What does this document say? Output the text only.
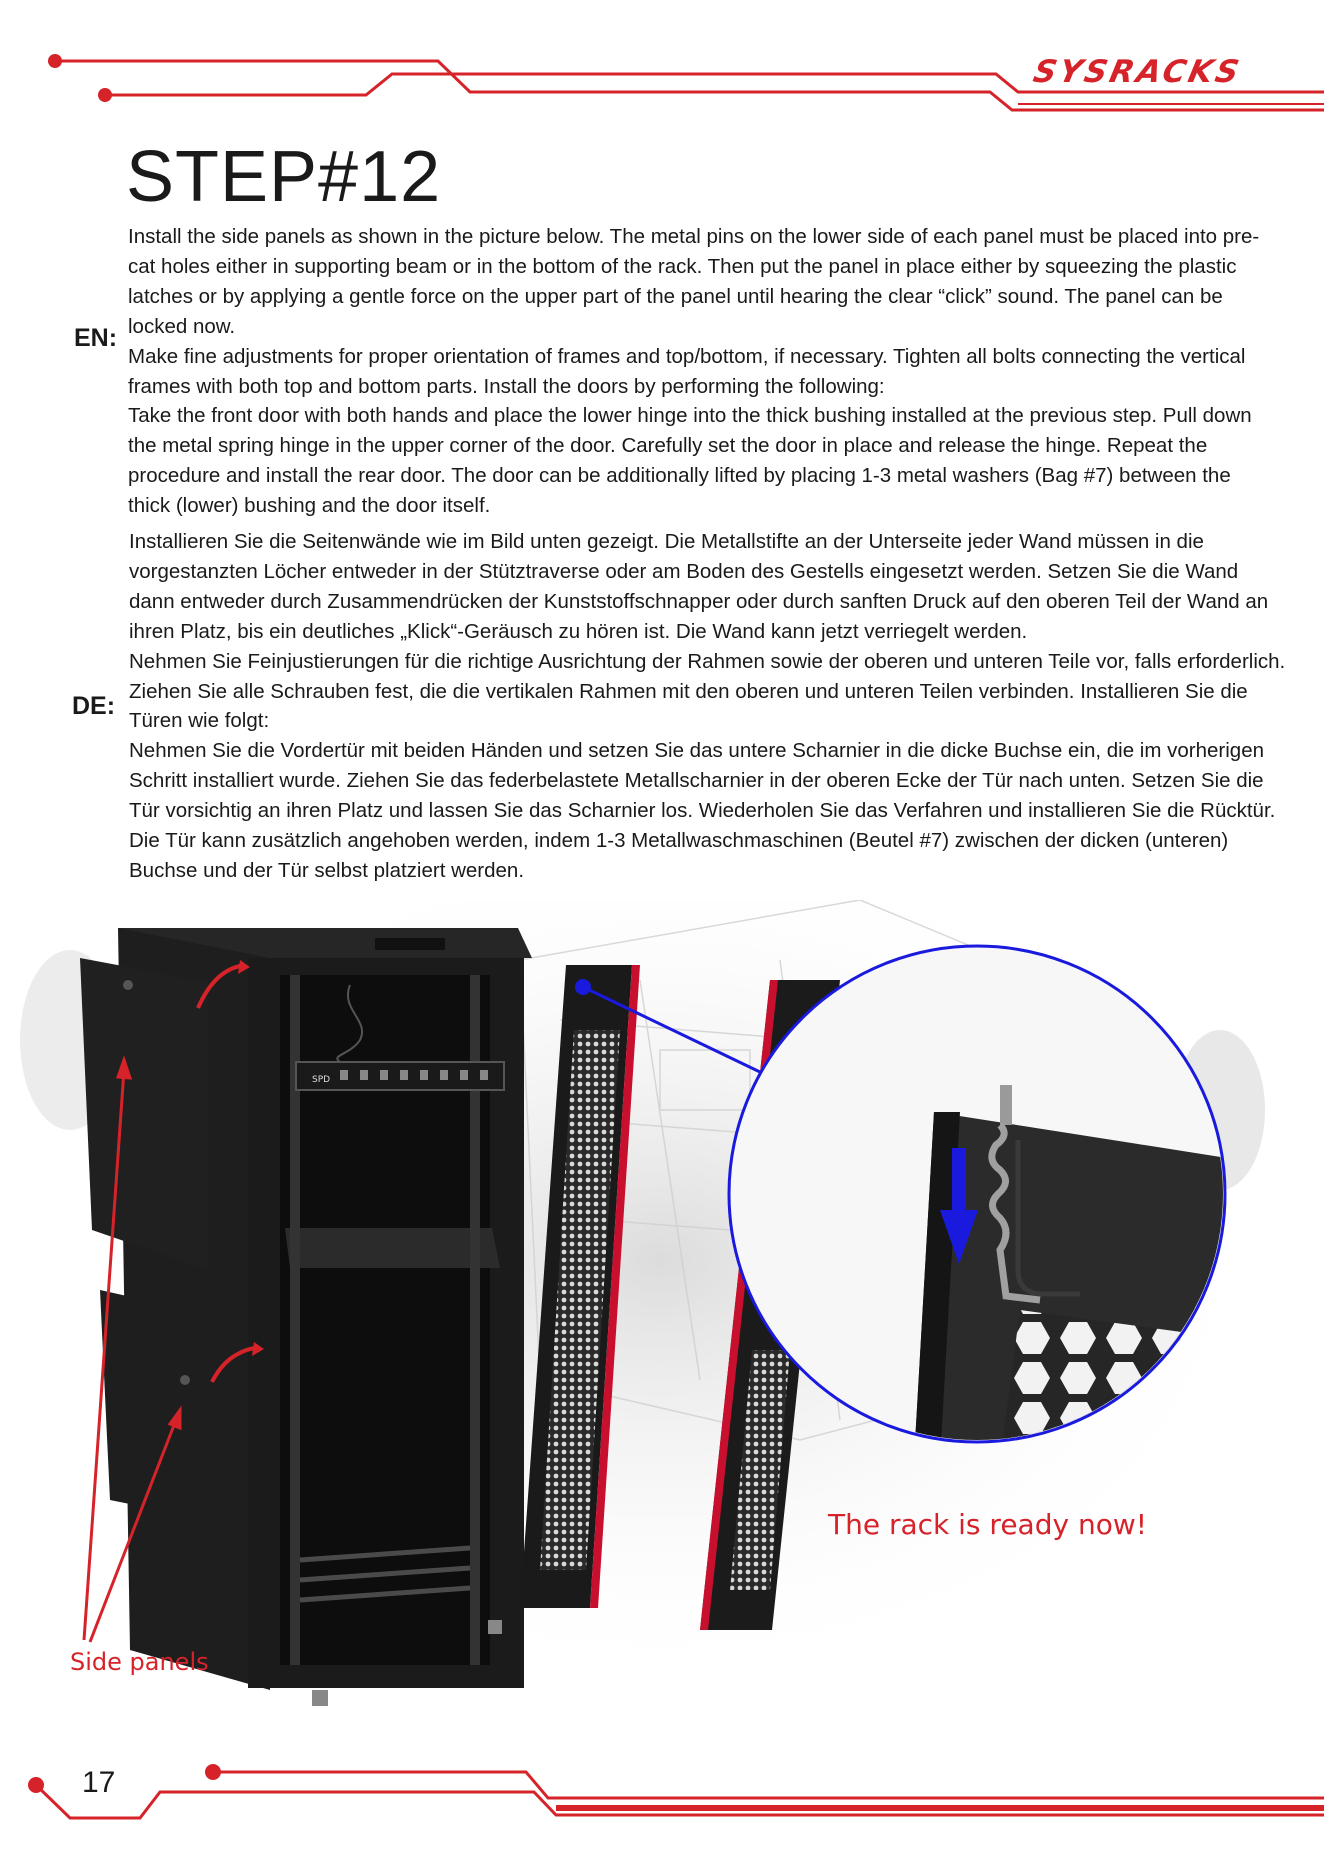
SYSRACKS
STEP#12
EN:

Install the side panels as shown in the picture below. The metal pins on the lower side of each panel must be placed into pre-cat holes either in supporting beam or in the bottom of the rack. Then put the panel in place either by squeezing the plastic latches or by applying a gentle force on the upper part of the panel until hearing the clear “click” sound. The panel can be locked now.

Make fine adjustments for proper orientation of frames and top/bottom, if necessary. Tighten all bolts connecting the vertical frames with both top and bottom parts. Install the doors by performing the following:

Take the front door with both hands and place the lower hinge into the thick bushing installed at the previous step. Pull down the metal spring hinge in the upper corner of the door. Carefully set the door in place and release the hinge. Repeat the procedure and install the rear door. The door can be additionally lifted by placing 1-3 metal washers (Bag #7) between the thick (lower) bushing and the door itself.

DE:

Installieren Sie die Seitenwände wie im Bild unten gezeigt. Die Metallstifte an der Unterseite jeder Wand müssen in die vorgestanzten Löcher entweder in der Stütztraverse oder am Boden des Gestells eingesetzt werden. Setzen Sie die Wand dann entweder durch Zusammendrücken der Kunststoffschnapper oder durch sanften Druck auf den oberen Teil der Wand an ihren Platz, bis ein deutliches „Klick“-Geräusch zu hören ist. Die Wand kann jetzt verriegelt werden.

Nehmen Sie Feinjustierungen für die richtige Ausrichtung der Rahmen sowie der oberen und unteren Teile vor, falls erforderlich. Ziehen Sie alle Schrauben fest, die die vertikalen Rahmen mit den oberen und unteren Teilen verbinden. Installieren Sie die Türen wie folgt:

Nehmen Sie die Vordertür mit beiden Händen und setzen Sie das untere Scharnier in die dicke Buchse ein, die im vorherigen Schritt installiert wurde. Ziehen Sie das federbelastete Metallscharnier in der oberen Ecke der Tür nach unten. Setzen Sie die Tür vorsichtig an ihren Platz und lassen Sie das Scharnier los. Wiederholen Sie das Verfahren und installieren Sie die Rücktür. Die Tür kann zusätzlich angehoben werden, indem 1-3 Metallwaschmaschinen (Beutel #7) zwischen der dicken (unteren) Buchse und der Tür selbst platziert werden.

SPD
The rack is ready now!
Side panels
17
